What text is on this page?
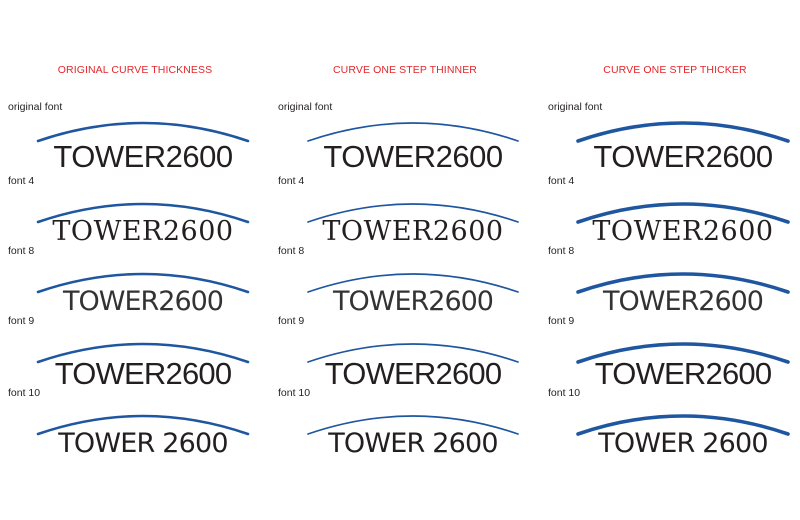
ORIGINAL CURVE THICKNESS
original font
TOWER2600
font 4
TOWER2600
font 8
TOWER2600
font 9
TOWER2600
font 10
TOWER 2600
CURVE ONE STEP THINNER
original font
TOWER2600
font 4
TOWER2600
font 8
TOWER2600
font 9
TOWER2600
font 10
TOWER 2600
CURVE ONE STEP THICKER
original font
TOWER2600
font 4
TOWER2600
font 8
TOWER2600
font 9
TOWER2600
font 10
TOWER 2600
